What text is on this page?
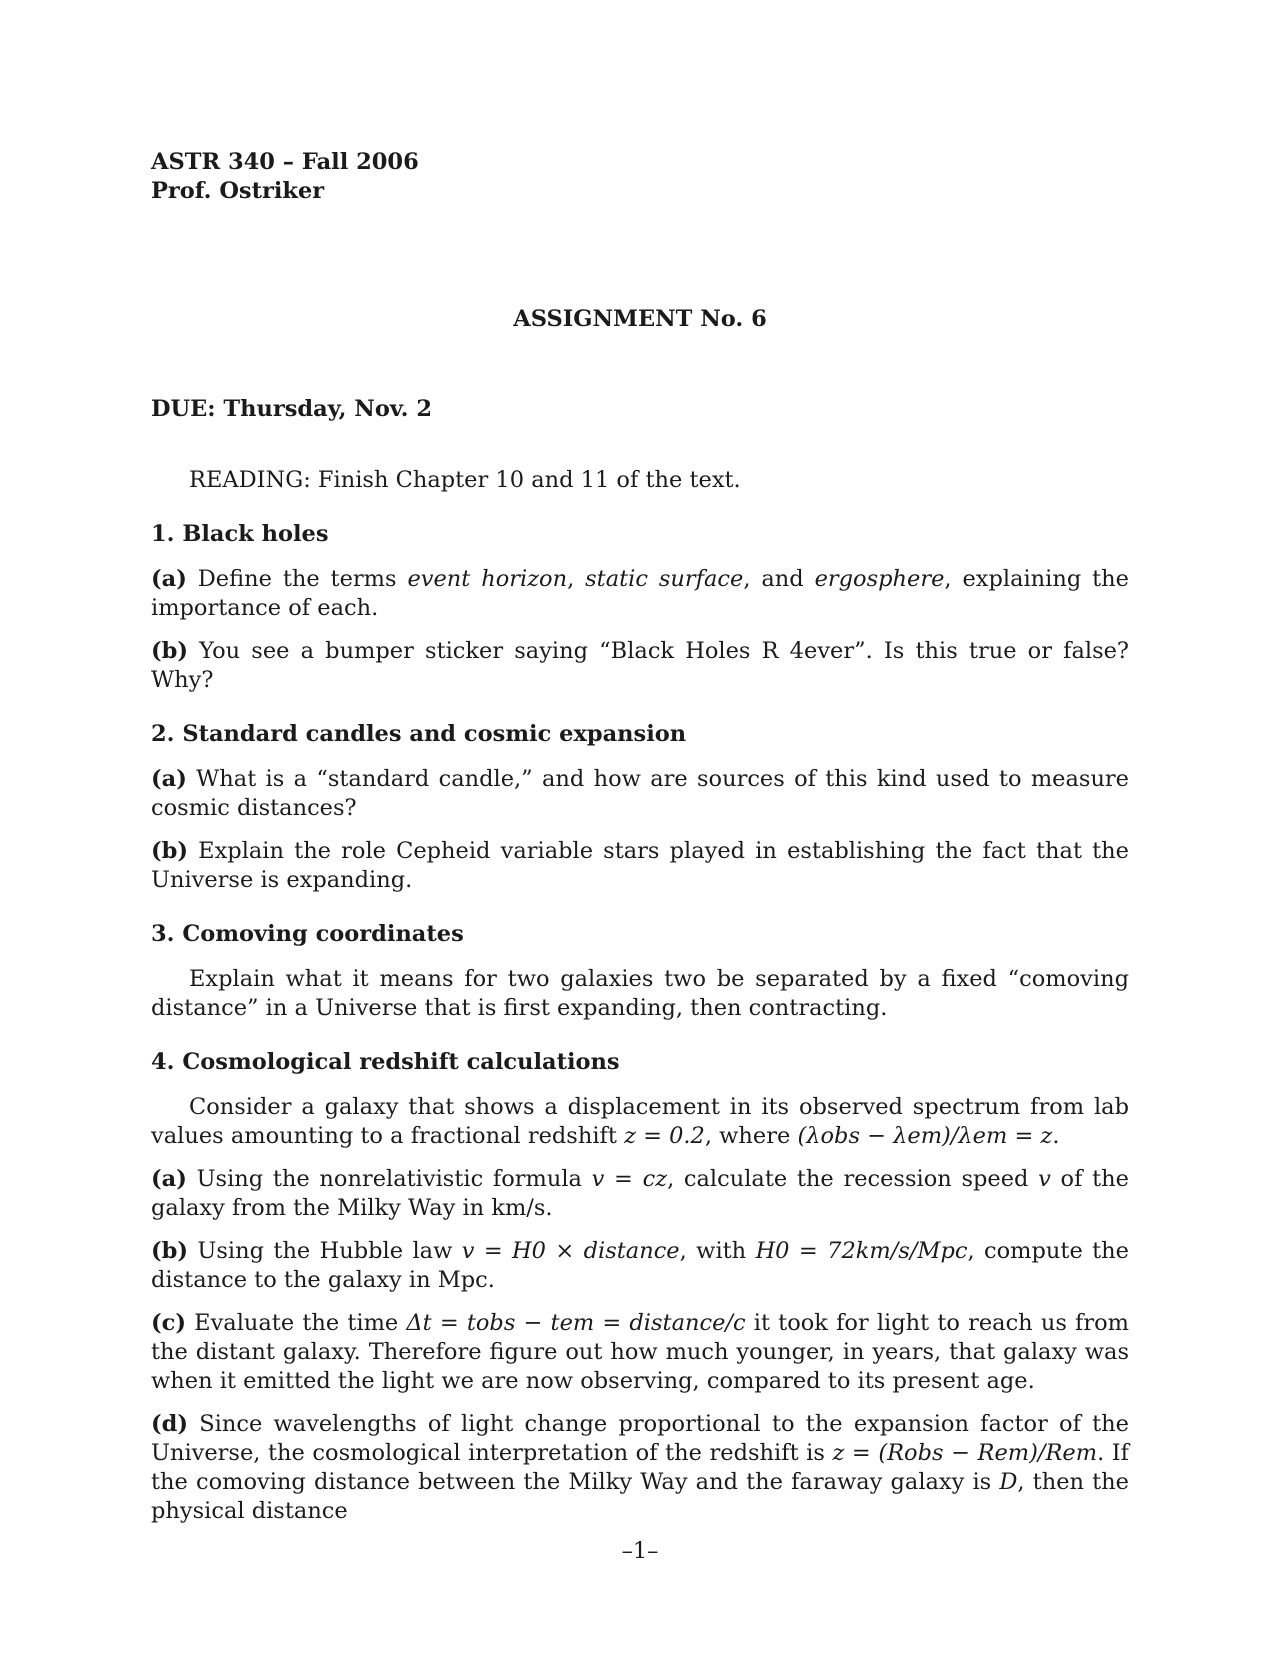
ASTR 340 – Fall 2006
Prof. Ostriker
ASSIGNMENT No. 6
DUE: Thursday, Nov. 2

READING: Finish Chapter 10 and 11 of the text.

1. Black holes

(a) Define the terms event horizon, static surface, and ergosphere, explaining the importance of each.

(b) You see a bumper sticker saying “Black Holes R 4ever”. Is this true or false? Why?

2. Standard candles and cosmic expansion

(a) What is a “standard candle,” and how are sources of this kind used to measure cosmic distances?

(b) Explain the role Cepheid variable stars played in establishing the fact that the Universe is expanding.

3. Comoving coordinates

Explain what it means for two galaxies two be separated by a fixed “comoving distance” in a Universe that is first expanding, then contracting.

4. Cosmological redshift calculations

Consider a galaxy that shows a displacement in its observed spectrum from lab values amounting to a fractional redshift z = 0.2, where (λobs − λem)/λem = z.

(a) Using the nonrelativistic formula v = cz, calculate the recession speed v of the galaxy from the Milky Way in km/s.

(b) Using the Hubble law v = H0 × distance, with H0 = 72km/s/Mpc, compute the distance to the galaxy in Mpc.

(c) Evaluate the time Δt = tobs − tem = distance/c it took for light to reach us from the distant galaxy. Therefore figure out how much younger, in years, that galaxy was when it emitted the light we are now observing, compared to its present age.

(d) Since wavelengths of light change proportional to the expansion factor of the Universe, the cosmological interpretation of the redshift is z = (Robs − Rem)/Rem. If the comoving distance between the Milky Way and the faraway galaxy is D, then the physical distance

–1–
